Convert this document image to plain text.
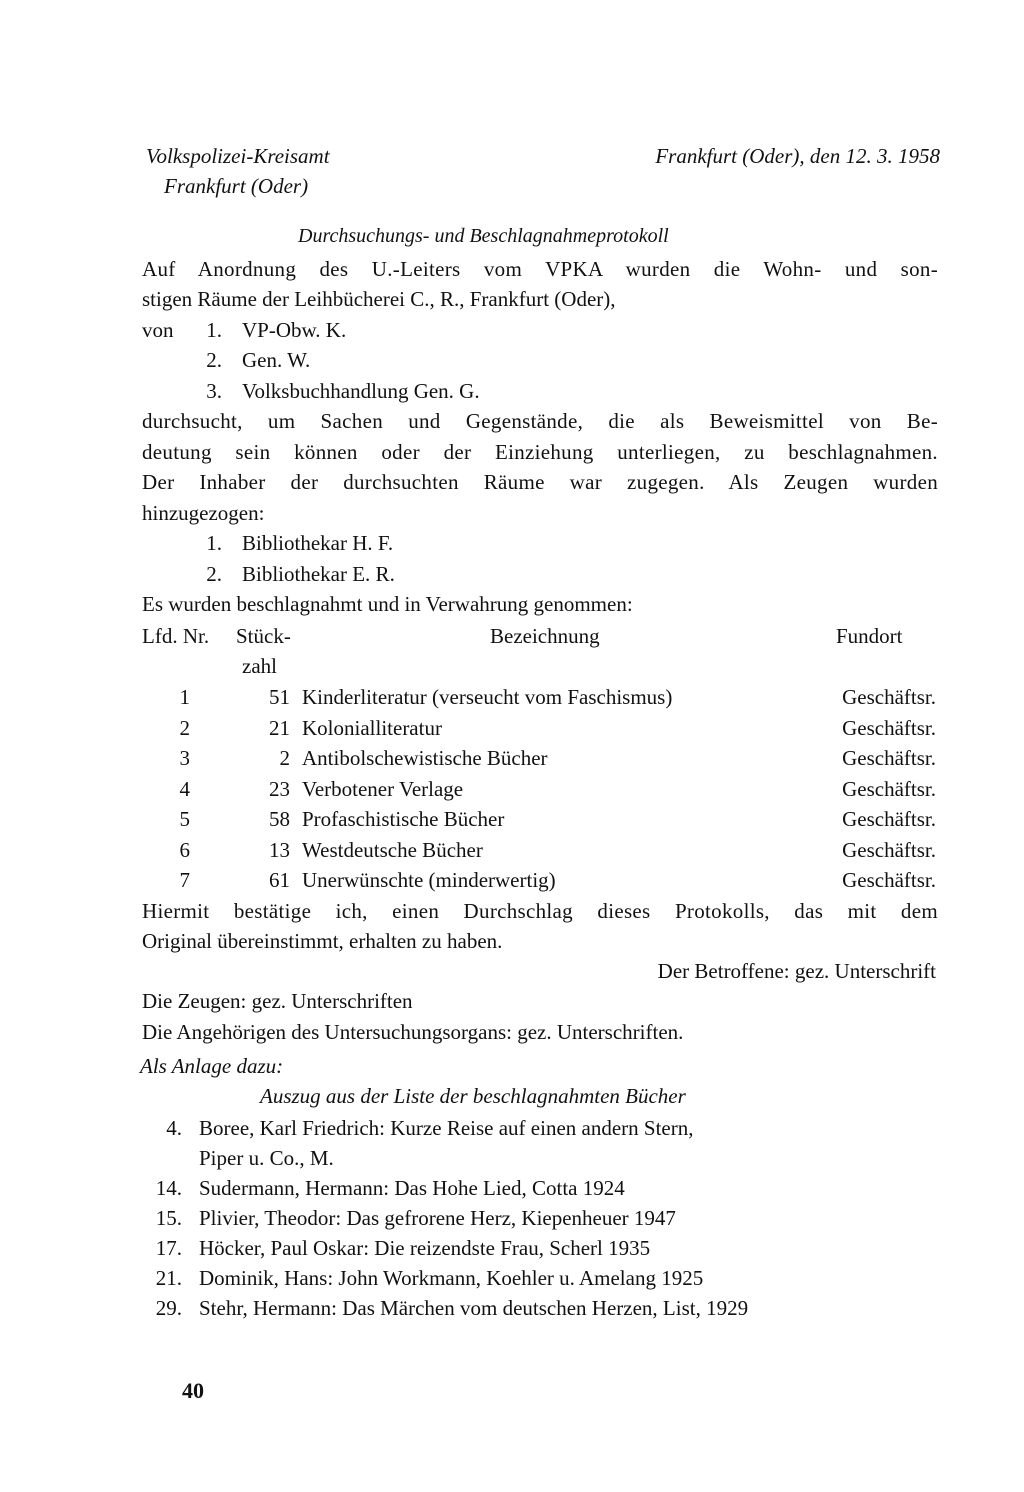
Volkspolizei-Kreisamt
Frankfurt (Oder)
Frankfurt (Oder), den 12. 3. 1958
Durchsuchungs- und Beschlagnahmeprotokoll
Auf Anordnung des U.-Leiters vom VPKA wurden die Wohn- und son-
stigen Räume der Leihbücherei C., R., Frankfurt (Oder),
von	1. VP-Obw. K.
2. Gen. W.
3. Volksbuchhandlung Gen. G.
durchsucht, um Sachen und Gegenstände, die als Beweismittel von Be-
deutung sein können oder der Einziehung unterliegen, zu beschlagnahmen.
Der Inhaber der durchsuchten Räume war zugegen. Als Zeugen wurden
hinzugezogen:
1. Bibliothekar H. F.
2. Bibliothekar E. R.
Es wurden beschlagnahmt und in Verwahrung genommen:
Lfd. Nr. Stück-
zahl
Bezeichnung	Fundort
1	51 Kinderliteratur (verseucht vom Faschismus)	Geschäftsr.
2	21 Kolonialliteratur	Geschäftsr.
3	2 Antibolschewistische Bücher	Geschäftsr.
4	23 Verbotener Verlage	Geschäftsr.
5	58 Profaschistische Bücher	Geschäftsr.
6	13 Westdeutsche Bücher	Geschäftsr.
7	61 Unerwünschte (minderwertig)	Geschäftsr.
Hiermit bestätige ich, einen Durchschlag dieses Protokolls, das mit dem
Original übereinstimmt, erhalten zu haben.
Der Betroffene: gez. Unterschrift
Die Zeugen: gez. Unterschriften
Die Angehörigen des Untersuchungsorgans: gez. Unterschriften.
Als Anlage dazu:
Auszug aus der Liste der beschlagnahmten Bücher
4. Boree, Karl Friedrich: Kurze Reise auf einen andern Stern,
Piper u. Co., M.
14. Sudermann, Hermann: Das Hohe Lied, Cotta 1924
15. Plivier, Theodor: Das gefrorene Herz, Kiepenheuer 1947
17. Höcker, Paul Oskar: Die reizendste Frau, Scherl 1935
21. Dominik, Hans: John Workmann, Koehler u. Amelang 1925
29. Stehr, Hermann: Das Märchen vom deutschen Herzen, List, 1929
40
